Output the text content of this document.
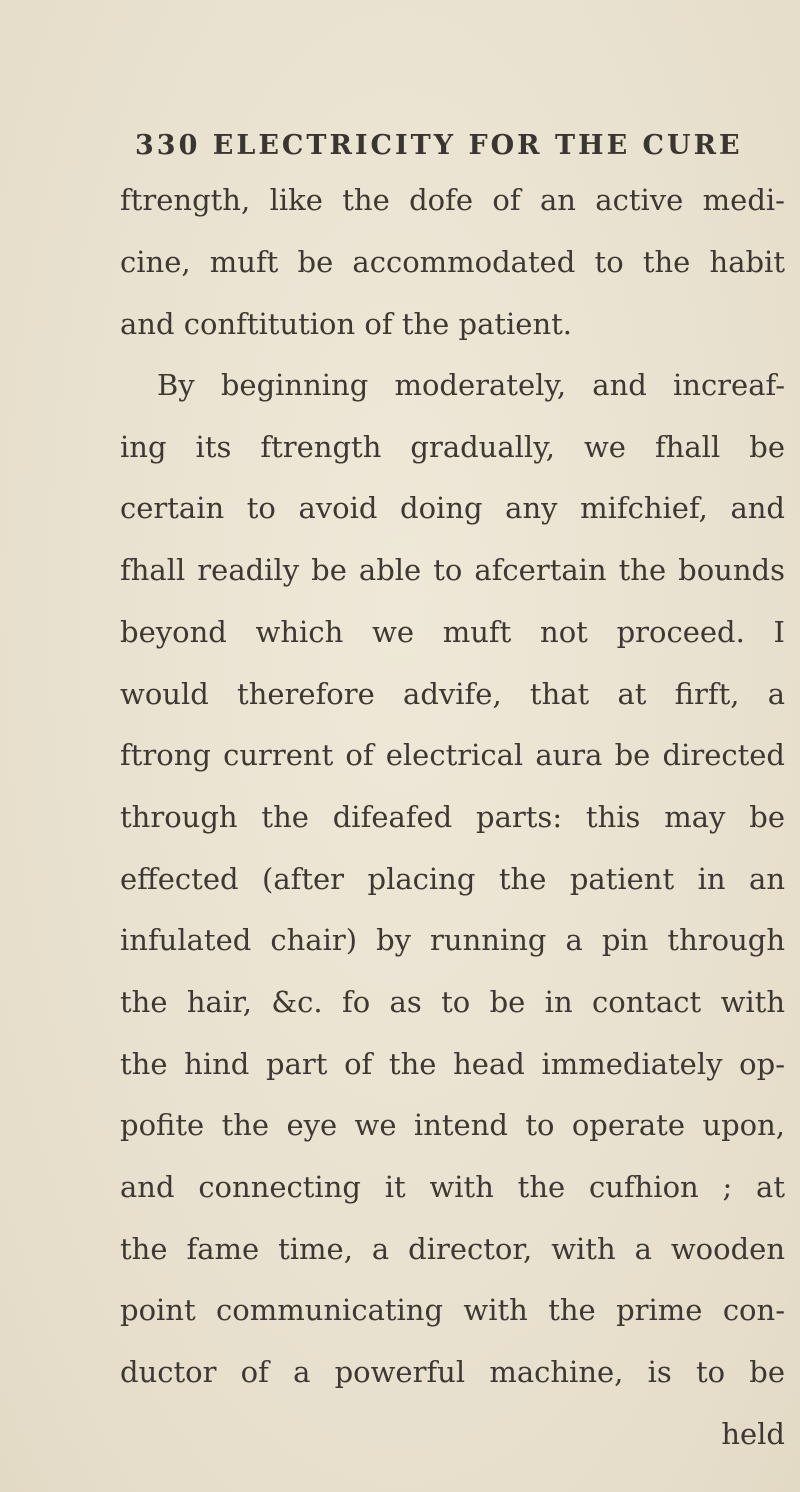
330 ELECTRICITY FOR THE CURE
ftrength, like the dofe of an active medi-
cine, muft be accommodated to the habit
and conftitution of the patient.
By beginning moderately, and increaf-
ing its ftrength gradually, we fhall be
certain to avoid doing any mifchief, and
fhall readily be able to afcertain the bounds
beyond which we muft not proceed. I
would therefore advife, that at firft, a
ftrong current of electrical aura be directed
through the difeafed parts: this may be
effected (after placing the patient in an
infulated chair) by running a pin through
the hair, &c. fo as to be in contact with
the hind part of the head immediately op-
pofite the eye we intend to operate upon,
and connecting it with the cufhion ; at
the fame time, a director, with a wooden
point communicating with the prime con-
ductor of a powerful machine, is to be
held
